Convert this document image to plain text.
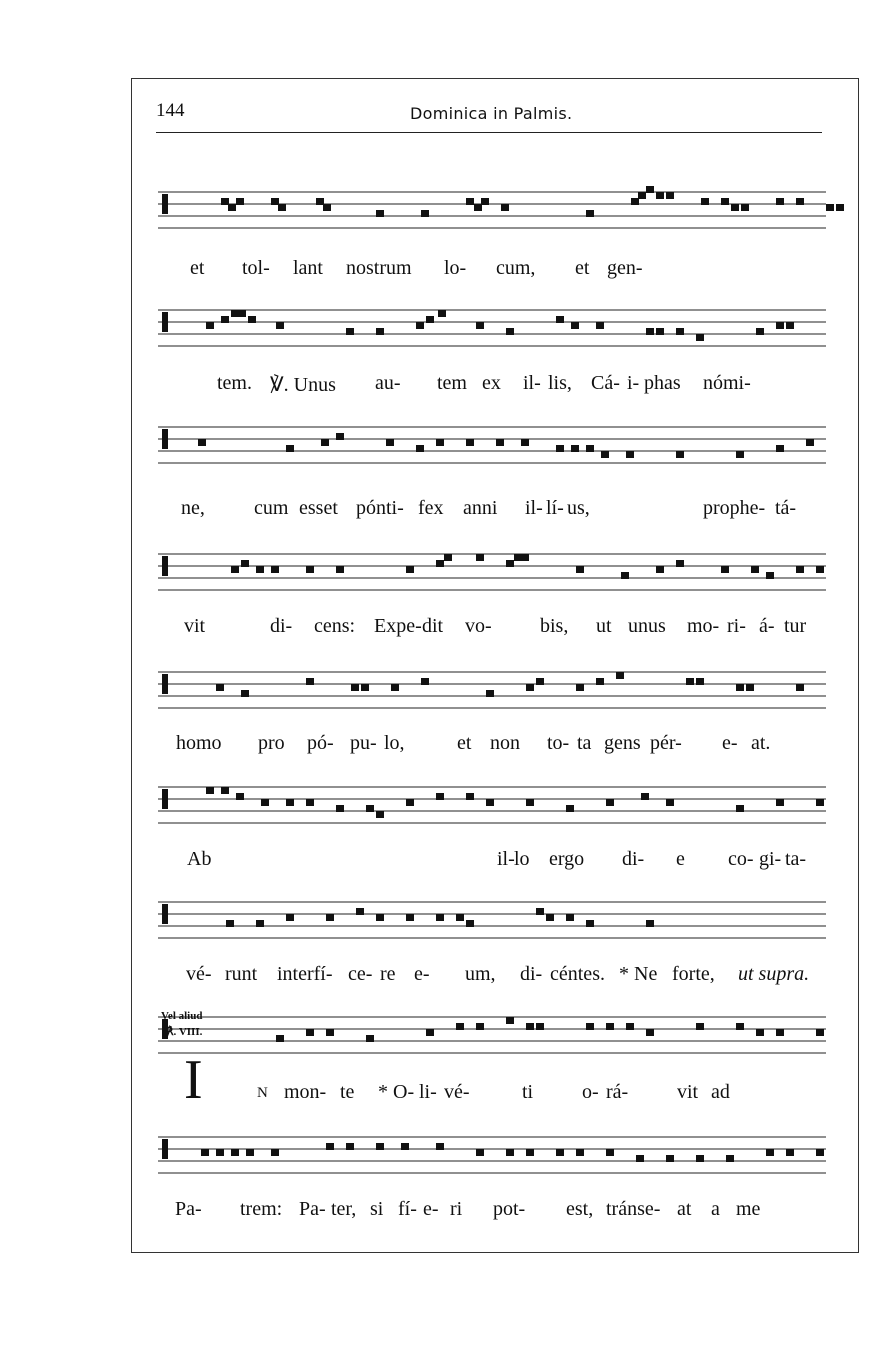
144	Dominica in Palmis.
et tol- lant nostrum lo- cum, et gen-
tem. ℣. Unus au- tem ex il- lis, Cá- i- phas nómi-
ne, cum esset pónti- fex anni il- lí- us,	prophe- tá-
vit	di- cens: Expe- dit vo- bis, ut unus mo- ri- á- tur
homo pro pó- pu- lo,	et non to- ta gens pér- e- at.
Ab	il- lo ergo di- e co- gi- ta-
vé- runt interfí- ce- re e- um, di- céntes. * Ne forte, ut supra.
Vel aliud
℟. VIII.
I	N mon- te * O- li- vé-	ti o- rá- vit ad
Pa- trem: Pa- ter, si fí- e- ri pot- est, tránse- at a me
